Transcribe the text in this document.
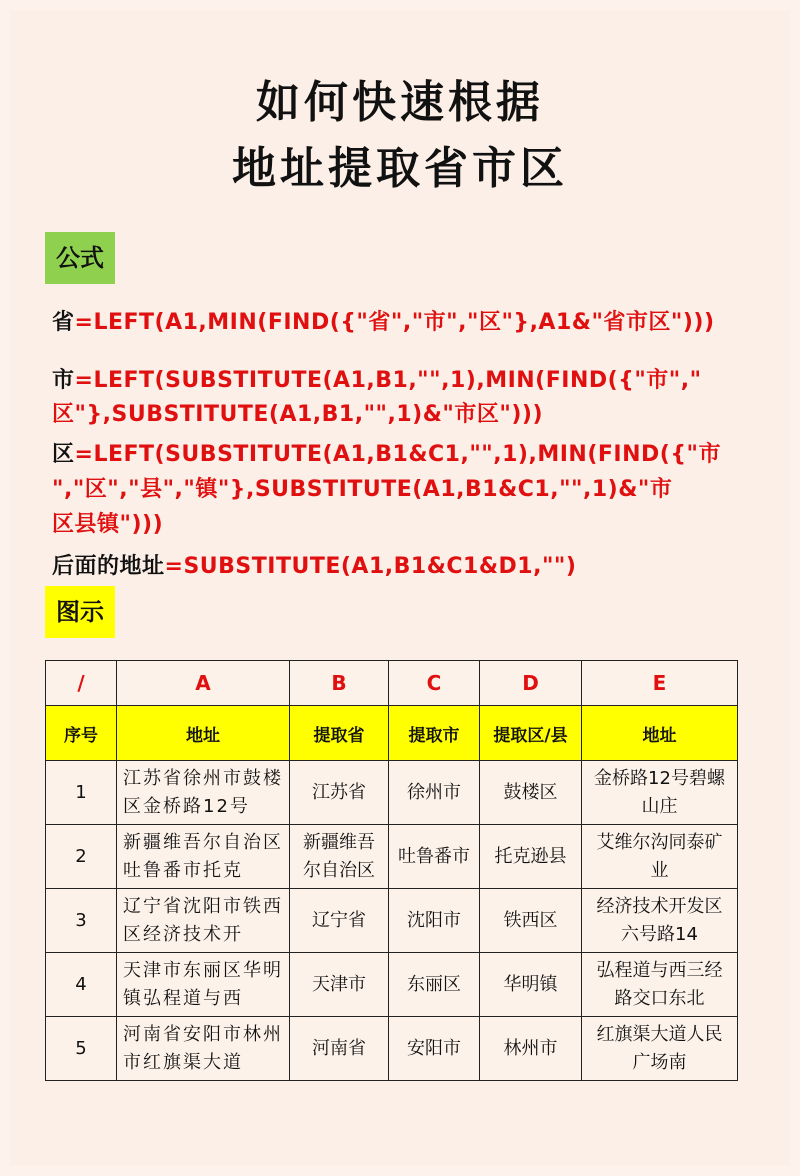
如何快速根据
地址提取省市区
公式
省=LEFT(A1,MIN(FIND({"省","市","区"},A1&"省市区")))
市=LEFT(SUBSTITUTE(A1,B1,"",1),MIN(FIND({"市","
区"},SUBSTITUTE(A1,B1,"",1)&"市区")))
区=LEFT(SUBSTITUTE(A1,B1&C1,"",1),MIN(FIND({"市
","区","县","镇"},SUBSTITUTE(A1,B1&C1,"",1)&"市
区县镇")))
后面的地址=SUBSTITUTE(A1,B1&C1&D1,"")
图示
/	A	B	C	D	E
序号	地址	提取省	提取市	提取区/县	地址
1	江苏省徐州市鼓楼区金桥路12号	江苏省	徐州市	鼓楼区	金桥路12号碧螺山庄
2	新疆维吾尔自治区吐鲁番市托克	新疆维吾尔自治区	吐鲁番市	托克逊县	艾维尔沟同泰矿业
3	辽宁省沈阳市铁西区经济技术开	辽宁省	沈阳市	铁西区	经济技术开发区六号路14
4	天津市东丽区华明镇弘程道与西	天津市	东丽区	华明镇	弘程道与西三经路交口东北
5	河南省安阳市林州市红旗渠大道	河南省	安阳市	林州市	红旗渠大道人民广场南
